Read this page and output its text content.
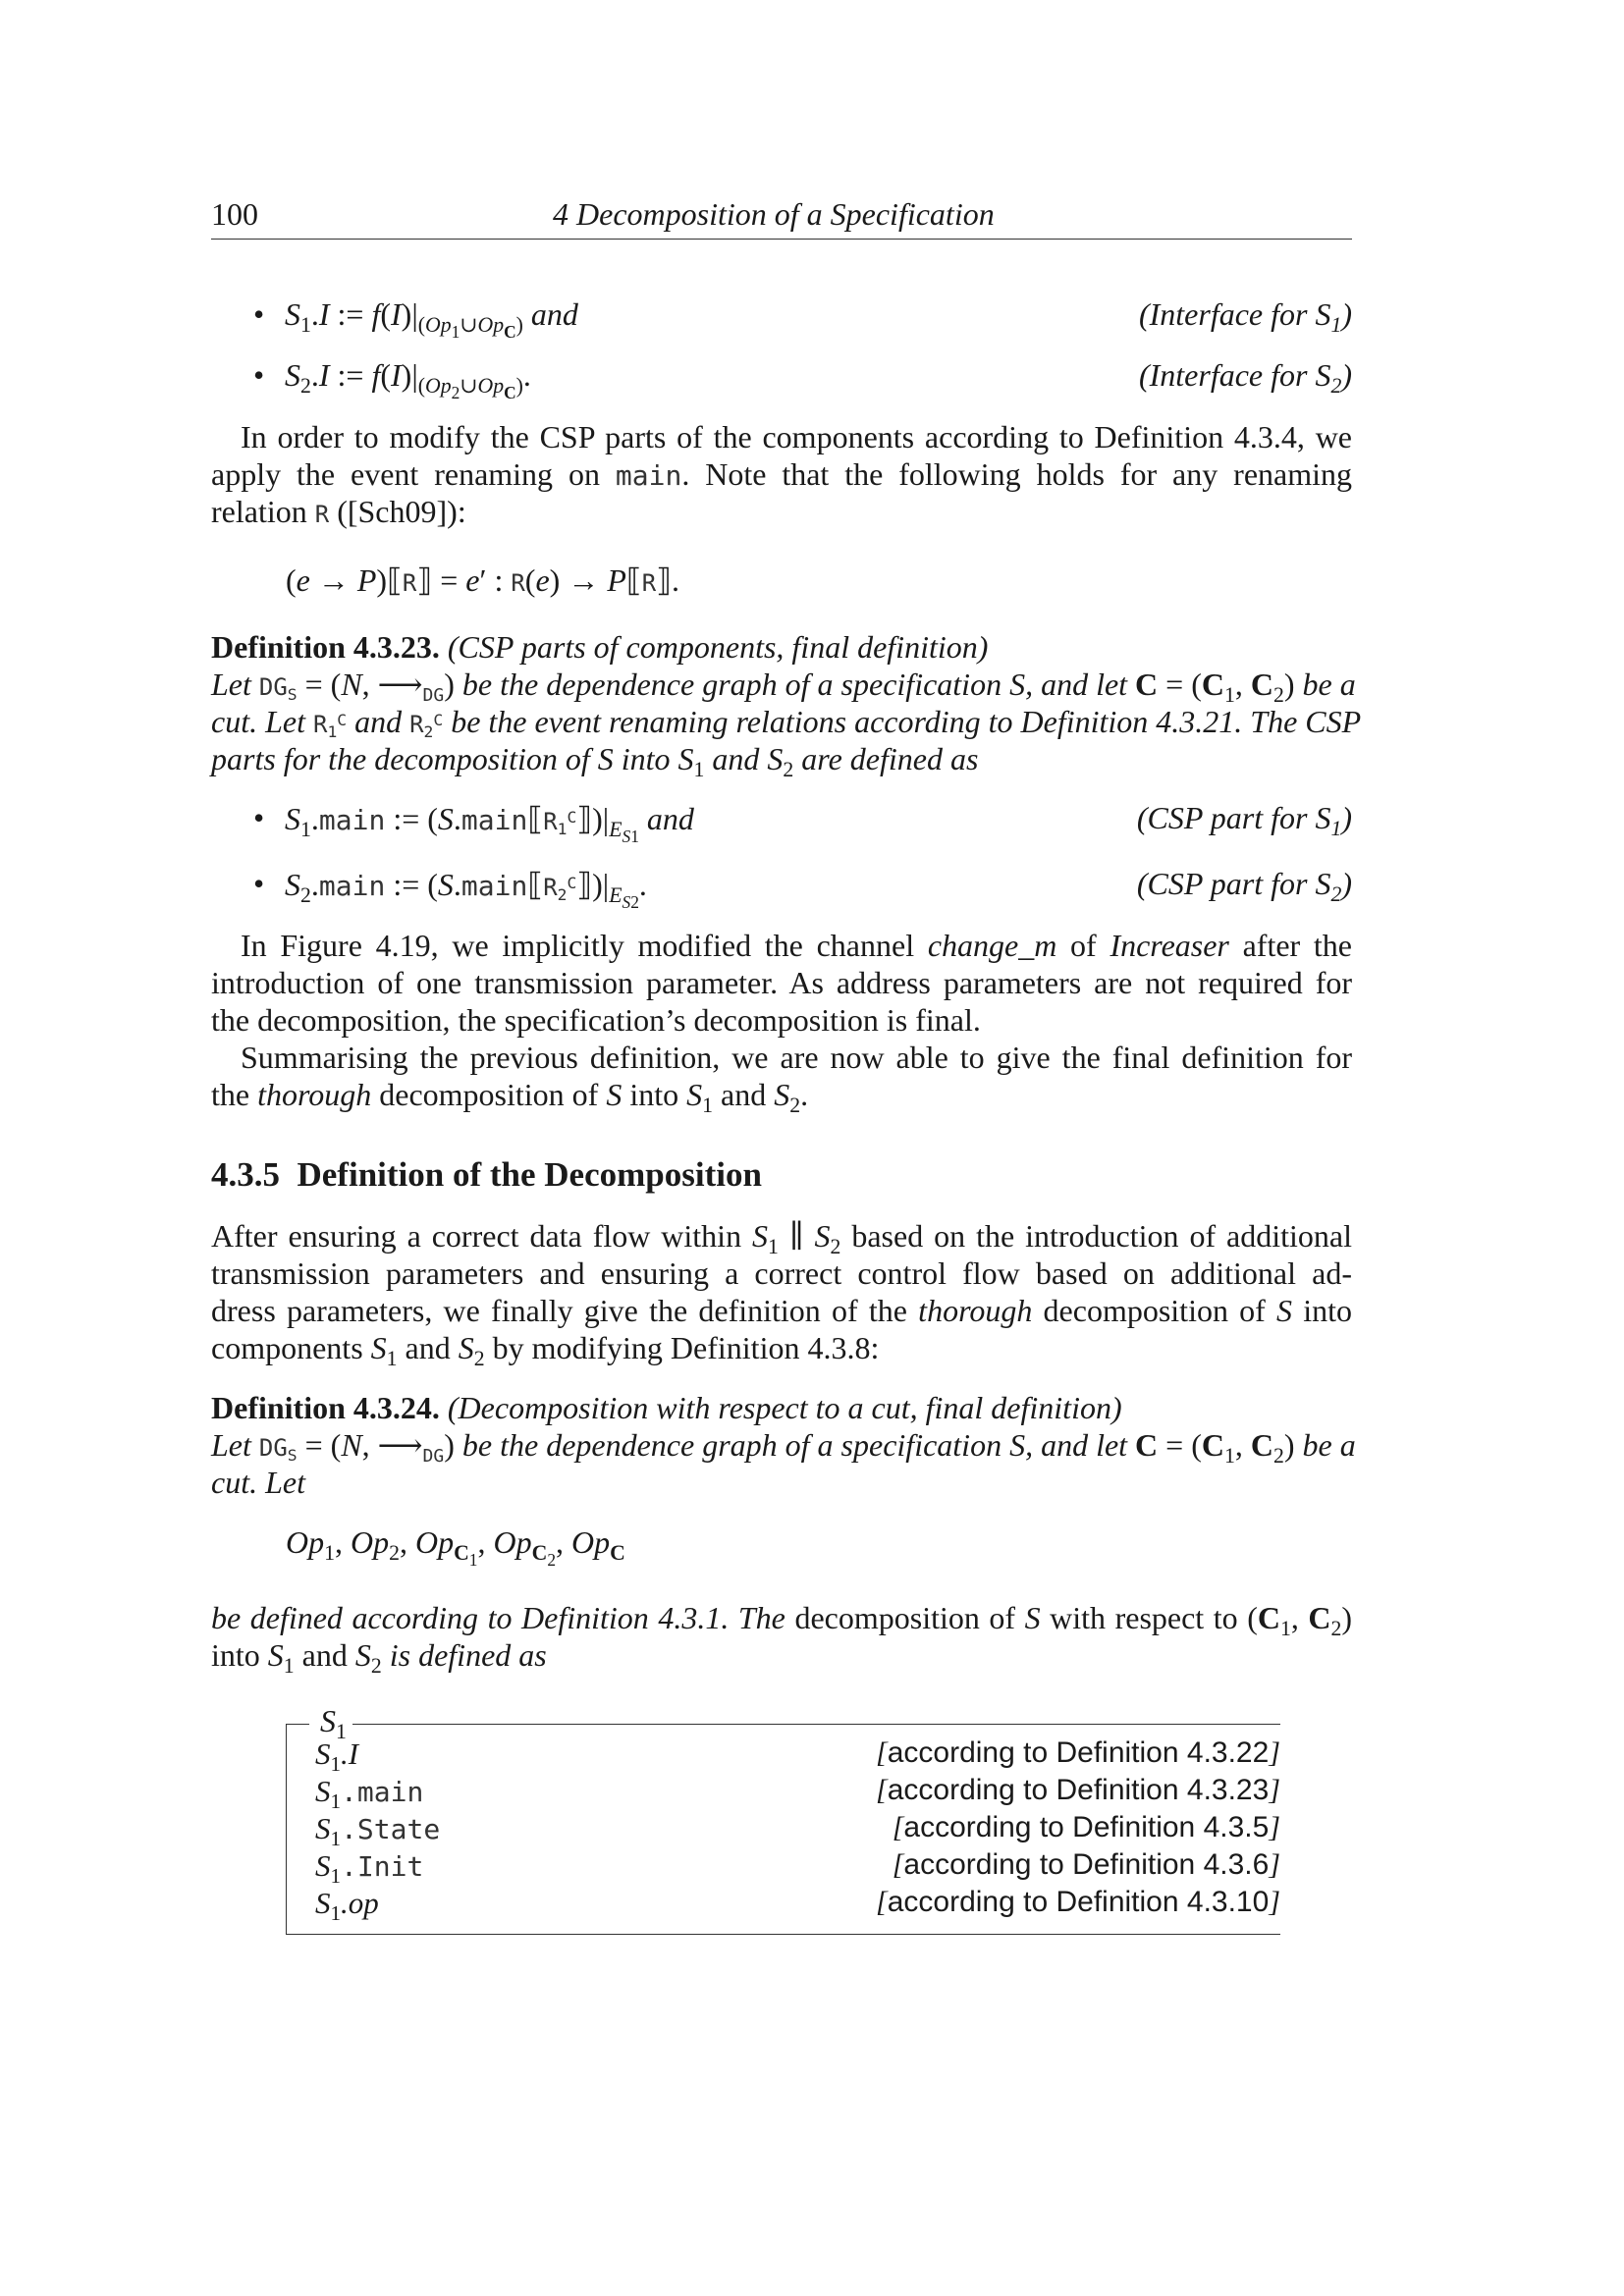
100	4 Decomposition of a Specification
• $S_1.I$ := $f(I)|_{(Op_1\cup Op_C)}$ and	(Interface for $S_1$)
• $S_2.I$ := $f(I)|_{(Op_2\cup Op_C)}$.	(Interface for $S_2$)
In order to modify the CSP parts of the components according to Definition 4.3.4, we
apply the event renaming on main. Note that the following holds for any renaming
relation R ([Sch09]):
(e → P)⟦R⟧ = e′ : R(e) → P⟦R⟧.
Definition 4.3.23. (CSP parts of components, final definition)
Let $DG_S = (N$, $⟶_{DG}$) be the dependence graph of a specification S, and let $C = (C_1$, $C_2$) be a
cut. Let $R_1^C$ and $R_2^C$ be the event renaming relations according to Definition 4.3.21. The CSP
parts for the decomposition of S into $S_1$ and $S_2$ are defined as
• $S_1.main$ := $(S.main⟦R_1^C⟧)|_{E_{S1}}$ and	(CSP part for $S_1$)
• $S_2.main$ := $(S.main⟦R_2^C⟧)|_{E_{S2}}$.	(CSP part for $S_2$)
In Figure 4.19, we implicitly modified the channel change_m of Increaser after the
introduction of one transmission parameter. As address parameters are not required for
the decomposition, the specification’s decomposition is final.
Summarising the previous definition, we are now able to give the final definition for
the thorough decomposition of S into $S_1$ and $S_2$.
4.3.5 Definition of the Decomposition
After ensuring a correct data flow within $S_1$ ∥ $S_2$ based on the introduction of additional
transmission parameters and ensuring a correct control flow based on additional ad-
dress parameters, we finally give the definition of the thorough decomposition of S into
components $S_1$ and $S_2$ by modifying Definition 4.3.8:
Definition 4.3.24. (Decomposition with respect to a cut, final definition)
Let $DG_S = (N$, $⟶_{DG}$) be the dependence graph of a specification S, and let $C = (C_1$, $C_2$) be a
cut. Let
$Op_1$, $Op_2$, $Op_{C_1}$, $Op_{C_2}$, $Op_C$
be defined according to Definition 4.3.1. The decomposition of S with respect to ($C_1$, $C_2$)
into $S_1$ and $S_2$ is defined as
$S_1$
$S_1.I$	[according to Definition 4.3.22]
$S_1.main$	[according to Definition 4.3.23]
$S_1.State$	[according to Definition 4.3.5]
$S_1.Init$	[according to Definition 4.3.6]
$S_1.op$	[according to Definition 4.3.10]
